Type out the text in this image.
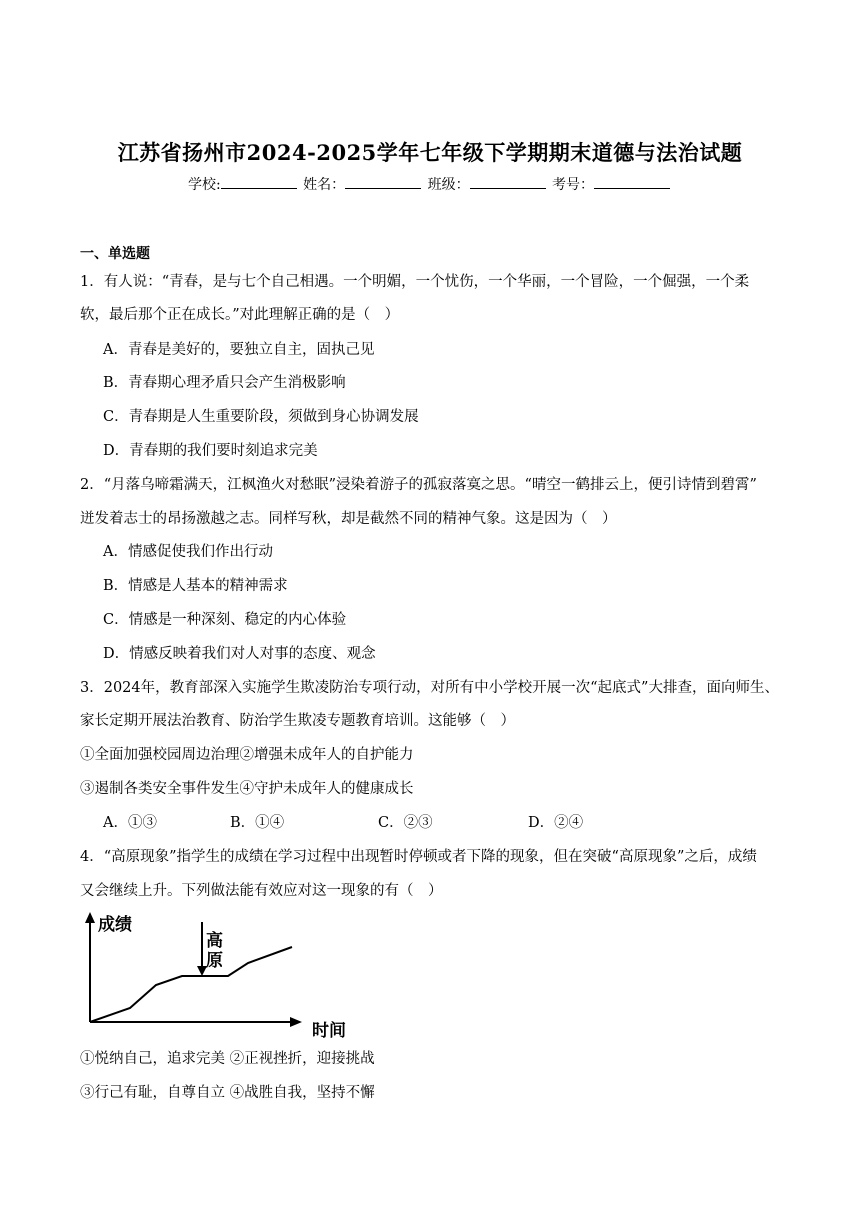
江苏省扬州市2024-2025学年七年级下学期期末道德与法治试题
学校:	姓名：	班级：	考号：
一、单选题
1．有人说：“青春，是与七个自己相遇。一个明媚，一个忧伤，一个华丽，一个冒险，一个倔强，一个柔
软，最后那个正在成长。”对此理解正确的是（　）
A．青春是美好的，要独立自主，固执己见
B．青春期心理矛盾只会产生消极影响
C．青春期是人生重要阶段，须做到身心协调发展
D．青春期的我们要时刻追求完美
2．“月落乌啼霜满天，江枫渔火对愁眠”浸染着游子的孤寂落寞之思。“晴空一鹤排云上，便引诗情到碧霄”
迸发着志士的昂扬激越之志。同样写秋，却是截然不同的精神气象。这是因为（　）
A．情感促使我们作出行动
B．情感是人基本的精神需求
C．情感是一种深刻、稳定的内心体验
D．情感反映着我们对人对事的态度、观念
3．2024年，教育部深入实施学生欺凌防治专项行动，对所有中小学校开展一次“起底式”大排查，面向师生、
家长定期开展法治教育、防治学生欺凌专题教育培训。这能够（　）
①全面加强校园周边治理②增强未成年人的自护能力
③遏制各类安全事件发生④守护未成年人的健康成长
A．①③	B．①④	C．②③	D．②④
4．“高原现象”指学生的成绩在学习过程中出现暂时停顿或者下降的现象，但在突破“高原现象”之后，成绩
又会继续上升。下列做法能有效应对这一现象的有（　）
成绩
高
原
时间
①悦纳自己，追求完美 ②正视挫折，迎接挑战
③行己有耻，自尊自立 ④战胜自我，坚持不懈
